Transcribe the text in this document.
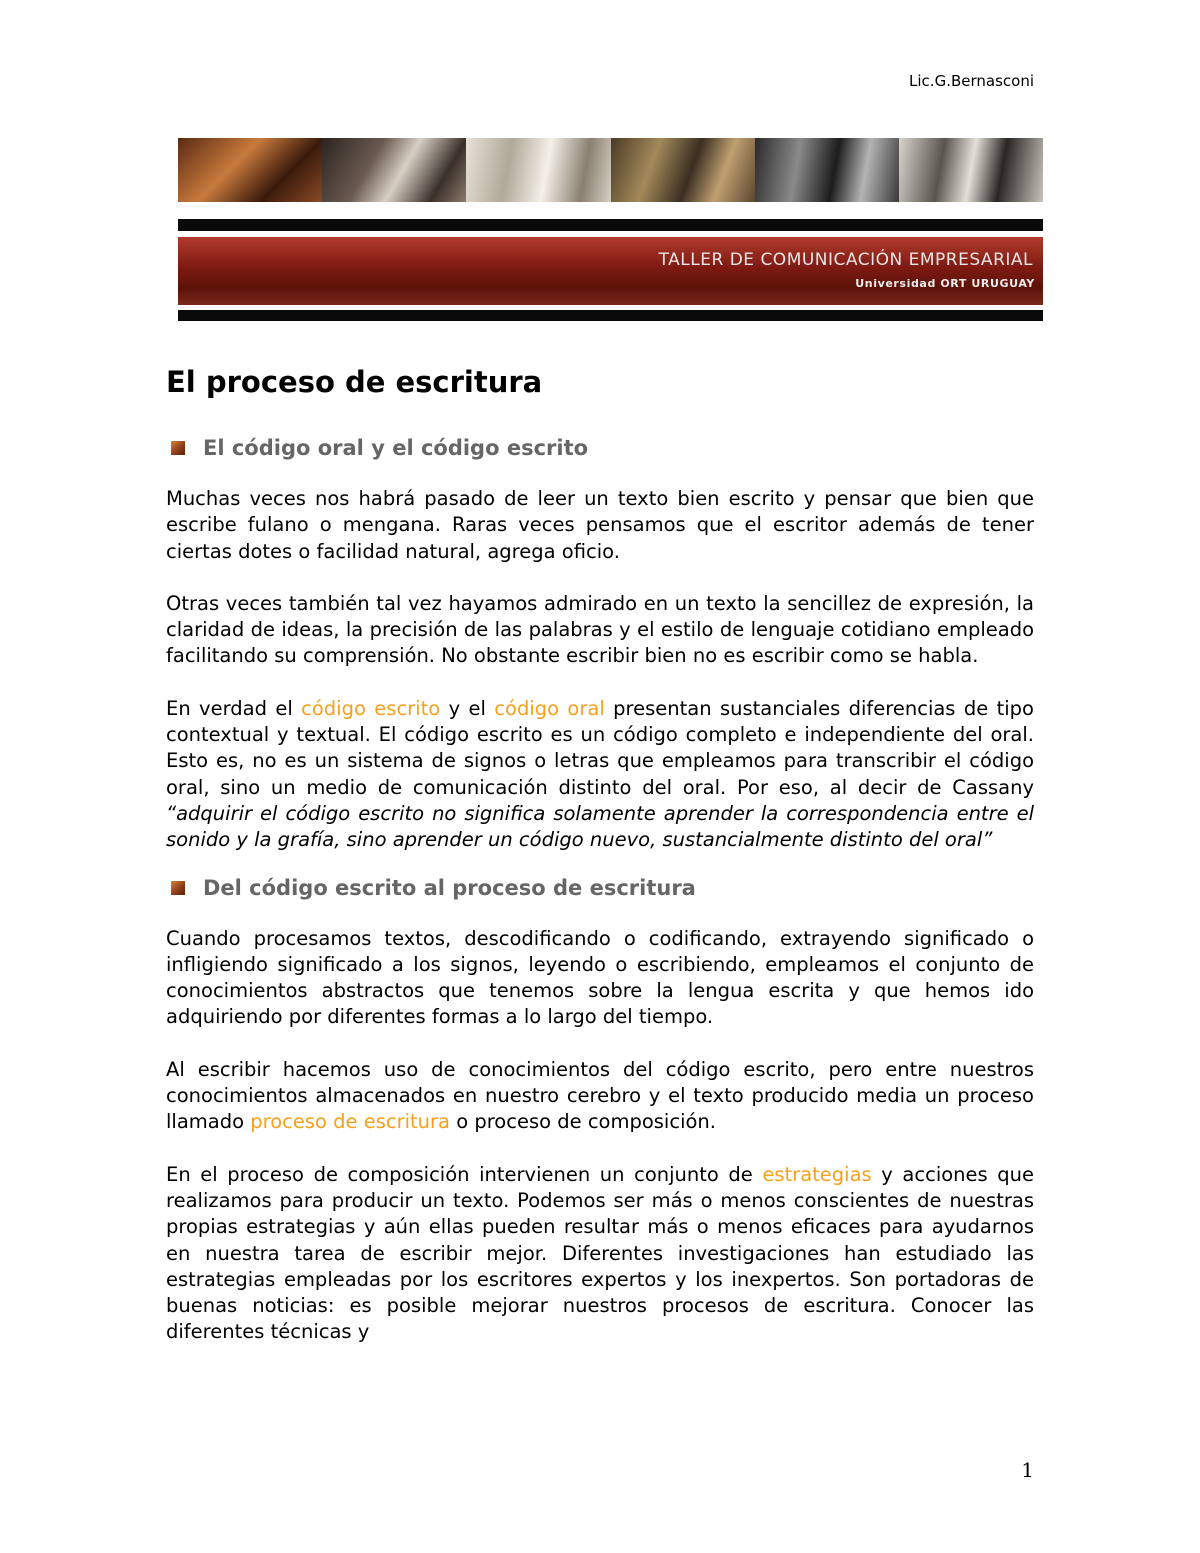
Lic.G.Bernasconi
TALLER DE COMUNICACIÓN EMPRESARIAL
Universidad ORT URUGUAY
El proceso de escritura
El código oral y el código escrito

Muchas veces nos habrá pasado de leer un texto bien escrito y pensar que bien que escribe fulano o mengana. Raras veces pensamos que el escritor además de tener ciertas dotes o facilidad natural, agrega oficio.

Otras veces también tal vez hayamos admirado en un texto la sencillez de expresión, la claridad de ideas, la precisión de las palabras y el estilo de lenguaje cotidiano empleado facilitando su comprensión. No obstante escribir bien no es escribir como se habla.

En verdad el código escrito y el código oral presentan sustanciales diferencias de tipo contextual y textual. El código escrito es un código completo e independiente del oral. Esto es, no es un sistema de signos o letras que empleamos para transcribir el código oral, sino un medio de comunicación distinto del oral. Por eso, al decir de Cassany “adquirir el código escrito no significa solamente aprender la correspondencia entre el sonido y la grafía, sino aprender un código nuevo, sustancialmente distinto del oral”

Del código escrito al proceso de escritura

Cuando procesamos textos, descodificando o codificando, extrayendo significado o infligiendo significado a los signos, leyendo o escribiendo, empleamos el conjunto de conocimientos abstractos que tenemos sobre la lengua escrita y que hemos ido adquiriendo por diferentes formas a lo largo del tiempo.

Al escribir hacemos uso de conocimientos del código escrito, pero entre nuestros conocimientos almacenados en nuestro cerebro y el texto producido media un proceso llamado proceso de escritura o proceso de composición.

En el proceso de composición intervienen un conjunto de estrategias y acciones que realizamos para producir un texto. Podemos ser más o menos conscientes de nuestras propias estrategias y aún ellas pueden resultar más o menos eficaces para ayudarnos en nuestra tarea de escribir mejor. Diferentes investigaciones han estudiado las estrategias empleadas por los escritores expertos y los inexpertos. Son portadoras de buenas noticias: es posible mejorar nuestros procesos de escritura. Conocer las diferentes técnicas y

1
